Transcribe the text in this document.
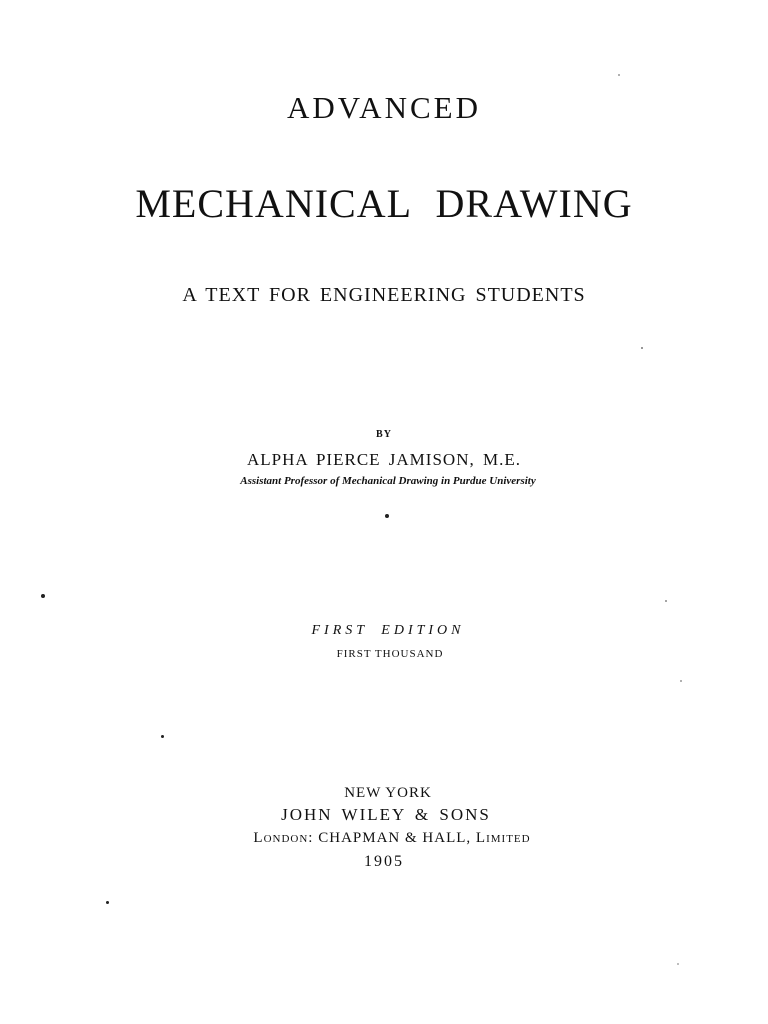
ADVANCED
MECHANICAL DRAWING
A TEXT FOR ENGINEERING STUDENTS
BY
ALPHA PIERCE JAMISON, M.E.
Assistant Professor of Mechanical Drawing in Purdue University
FIRST EDITION
FIRST THOUSAND
NEW YORK
JOHN WILEY & SONS
London: CHAPMAN & HALL, Limited
1905
